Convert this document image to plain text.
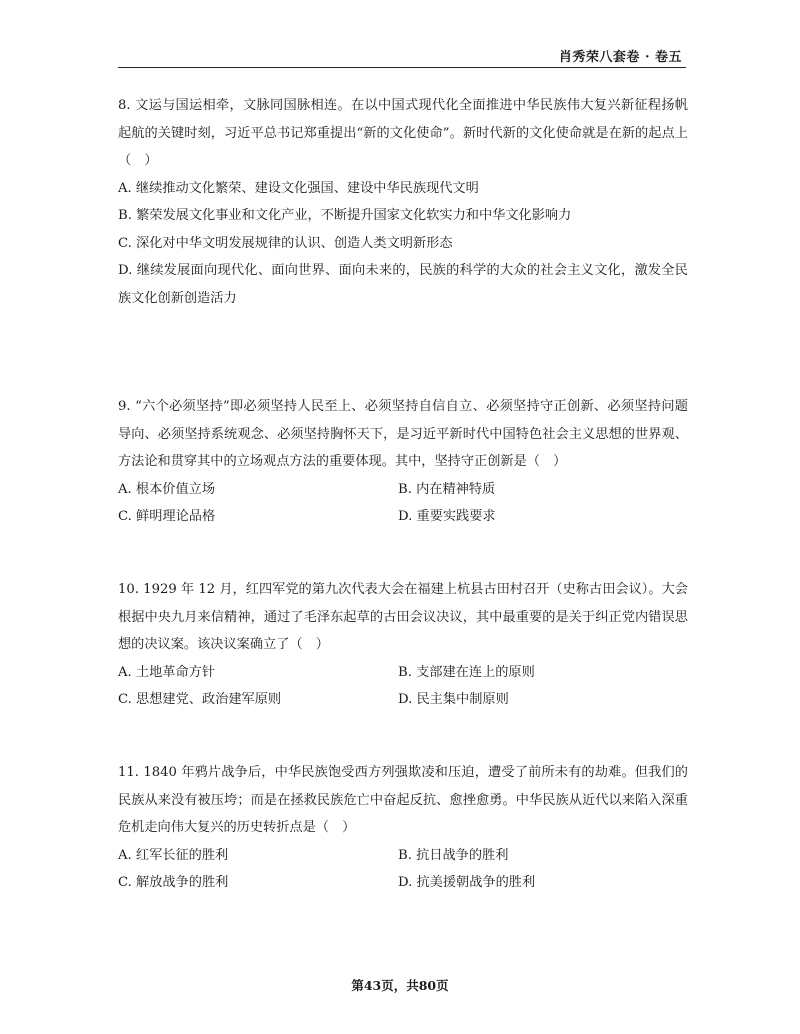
肖秀荣八套卷 · 卷五

8. 文运与国运相牵，文脉同国脉相连。在以中国式现代化全面推进中华民族伟大复兴新征程扬帆起航的关键时刻，习近平总书记郑重提出“新的文化使命”。新时代新的文化使命就是在新的起点上（　）

A. 继续推动文化繁荣、建设文化强国、建设中华民族现代文明

B. 繁荣发展文化事业和文化产业，不断提升国家文化软实力和中华文化影响力

C. 深化对中华文明发展规律的认识、创造人类文明新形态

D. 继续发展面向现代化、面向世界、面向未来的，民族的科学的大众的社会主义文化，激发全民族文化创新创造活力

9. “六个必须坚持”即必须坚持人民至上、必须坚持自信自立、必须坚持守正创新、必须坚持问题导向、必须坚持系统观念、必须坚持胸怀天下，是习近平新时代中国特色社会主义思想的世界观、方法论和贯穿其中的立场观点方法的重要体现。其中，坚持守正创新是（　）

A. 根本价值立场	B. 内在精神特质
C. 鲜明理论品格	D. 重要实践要求

10. 1929 年 12 月，红四军党的第九次代表大会在福建上杭县古田村召开（史称古田会议）。大会根据中央九月来信精神，通过了毛泽东起草的古田会议决议，其中最重要的是关于纠正党内错误思想的决议案。该决议案确立了（　）

A. 土地革命方针	B. 支部建在连上的原则
C. 思想建党、政治建军原则	D. 民主集中制原则

11. 1840 年鸦片战争后，中华民族饱受西方列强欺凌和压迫，遭受了前所未有的劫难。但我们的民族从来没有被压垮；而是在拯救民族危亡中奋起反抗、愈挫愈勇。中华民族从近代以来陷入深重危机走向伟大复兴的历史转折点是（　）

A. 红军长征的胜利	B. 抗日战争的胜利
C. 解放战争的胜利	D. 抗美援朝战争的胜利
第43页，共80页
